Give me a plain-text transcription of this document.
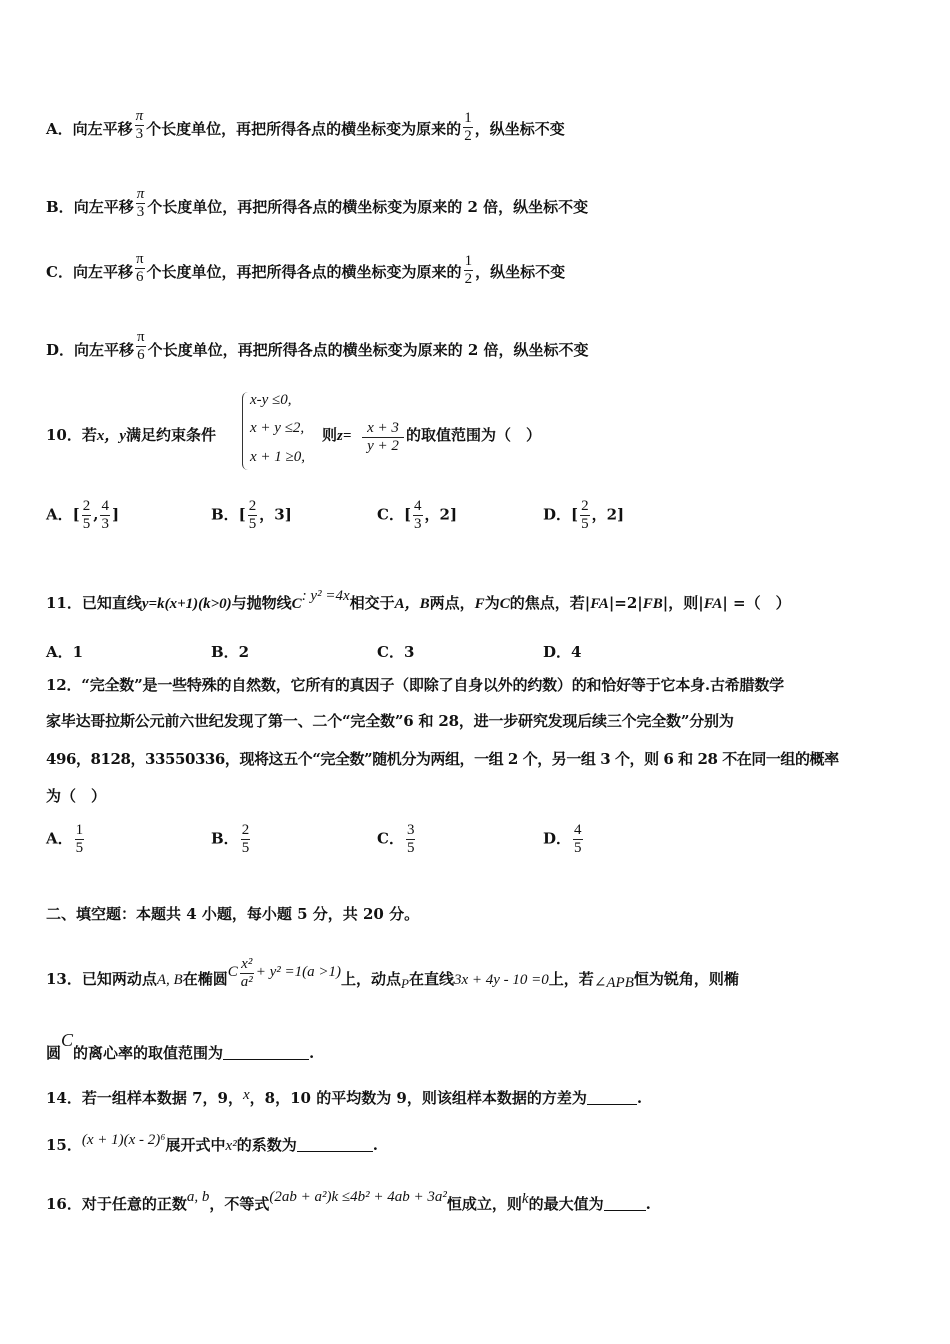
A．向左平移 $\frac{\pi}{3}$ 个长度单位，再把所得各点的横坐标变为原来的 $\frac{1}{2}$ ，纵坐标不变
B．向左平移 $\frac{\pi}{3}$ 个长度单位，再把所得各点的横坐标变为原来的 2 倍，纵坐标不变
C．向左平移 $\frac{\pi}{6}$ 个长度单位，再把所得各点的横坐标变为原来的 $\frac{1}{2}$ ，纵坐标不变
D．向左平移 $\frac{\pi}{6}$ 个长度单位，再把所得各点的横坐标变为原来的 2 倍，纵坐标不变
10．若x，y满足约束条件
x-y ≤0,
x + y ≤2,
x + 1 ≥0,
则$z= \frac{x + 3}{y + 2}$ 的取值范围为（　）
A．[ $\frac{2}{5}$ , $\frac{4}{3}$ ]	B．[ $\frac{2}{5}$ ，3]	C．[ $\frac{4}{3}$ ，2]	D．[ $\frac{2}{5}$ ，2]
11．已知直线y=k(x+1)(k>0)与抛物线C: y² =4x相交于A，B两点，F为C的焦点，若|FA|=2|FB|，则|FA| =（　）
A．1	B．2	C．3	D．4
12．“完全数”是一些特殊的自然数，它所有的真因子（即除了自身以外的约数）的和恰好等于它本身.古希腊数学
家毕达哥拉斯公元前六世纪发现了第一、二个“完全数”6 和 28，进一步研究发现后续三个完全数”分别为
496，8128，33550336，现将这五个“完全数”随机分为两组，一组 2 个，另一组 3 个，则 6 和 28 不在同一组的概率
为（　）
A． $\frac{1}{5}$	B． $\frac{2}{5}$	C． $\frac{3}{5}$	D． $\frac{4}{5}$
二、填空题：本题共 4 小题，每小题 5 分，共 20 分。
13．已知两动点A, B在椭圆C $\frac{\text{x²}}{\text{a²}} + y^2 =1(a >1)$上，动点P在直线3x + 4y - 10 =0上，若∠APB恒为锐角，则椭
圆C的离心率的取值范围为	.
14．若一组样本数据 7，9，x，8，10 的平均数为 9，则该组样本数据的方差为	.
15．(x + 1)(x - 2)⁶展开式中x²的系数为	.
16．对于任意的正数a, b，不等式(2ab + a²)k ≤4b² + 4ab + 3a²恒成立，则k的最大值为	.
